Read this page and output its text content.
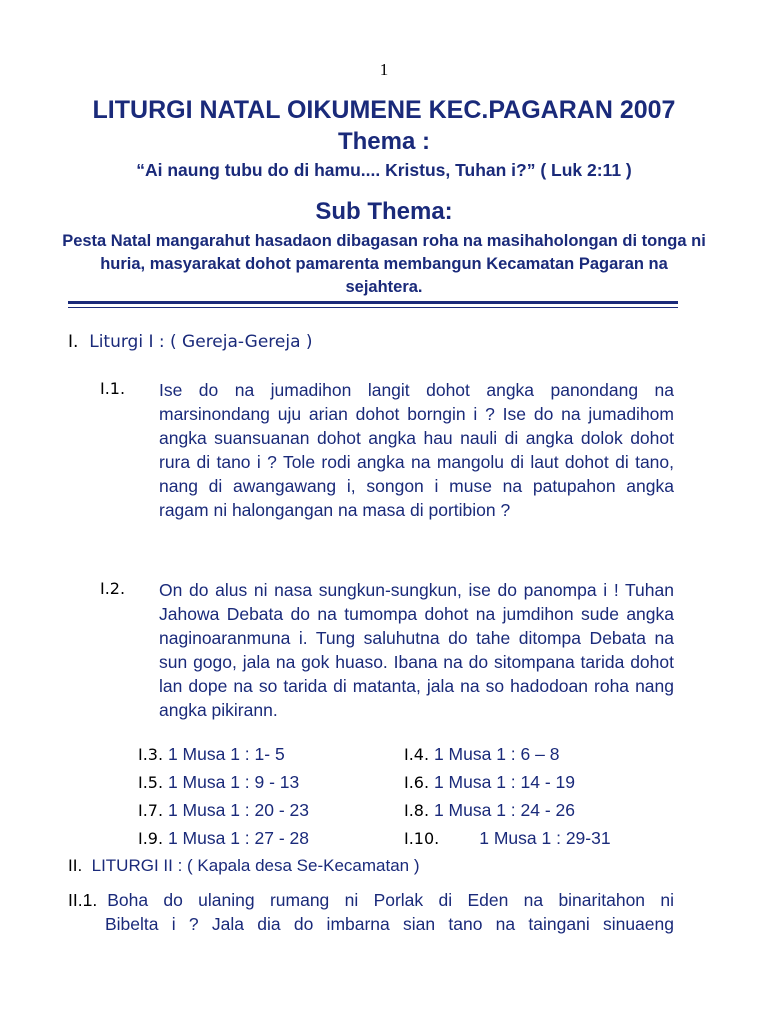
1
LITURGI NATAL OIKUMENE KEC.PAGARAN 2007
Thema :
“Ai naung tubu do di hamu.... Kristus, Tuhan i?” ( Luk 2:11 )
Sub Thema:
Pesta Natal mangarahut hasadaon dibagasan roha na masihaholongan di tonga ni huria, masyarakat dohot pamarenta membangun Kecamatan Pagaran na sejahtera.
I. Liturgi I : ( Gereja-Gereja )
I.1. Ise do na jumadihon langit dohot angka panondang na marsinondang uju arian dohot borngin i ? Ise do na jumadihom angka suansuanan dohot angka hau nauli di angka dolok dohot rura di tano i ? Tole rodi angka na mangolu di laut dohot di tano, nang di awangawang i, songon i muse na patupahon angka ragam ni halongangan na masa di portibion ?
I.2. On do alus ni nasa sungkun-sungkun, ise do panompa i ! Tuhan Jahowa Debata do na tumompa dohot na jumdihon sude angka naginoaranmuna i. Tung saluhutna do tahe ditompa Debata na sun gogo, jala na gok huaso. Ibana na do sitompana tarida dohot lan dope na so tarida di matanta, jala na so hadodoan roha nang angka pikirann.
I.3. 1 Musa 1 : 1- 5	I.4. 1 Musa 1 : 6 – 8
I.5. 1 Musa 1 : 9 - 13	I.6. 1 Musa 1 : 14 - 19
I.7. 1 Musa 1 : 20 - 23	I.8. 1 Musa 1 : 24 - 26
I.9. 1 Musa 1 : 27 - 28	I.10. 1 Musa 1 : 29-31
II. LITURGI II : ( Kapala desa Se-Kecamatan )
II.1. Boha do ulaning rumang ni Porlak di Eden na binaritahon ni
Bibelta i ? Jala dia do imbarna sian tano na taingani sinuaeng
